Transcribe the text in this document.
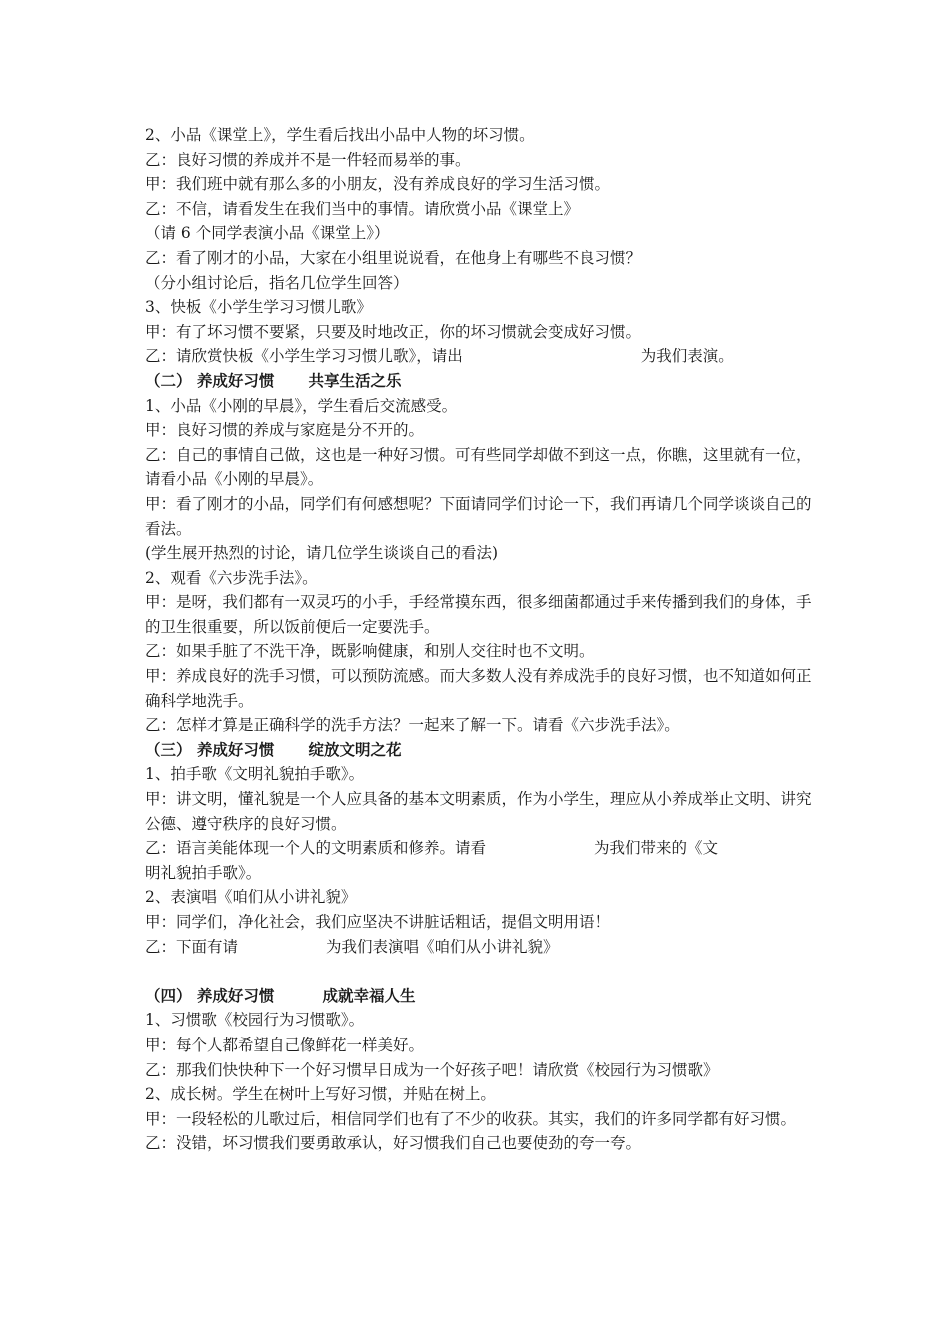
2、小品《课堂上》，学生看后找出小品中人物的坏习惯。
乙：良好习惯的养成并不是一件轻而易举的事。
甲：我们班中就有那么多的小朋友，没有养成良好的学习生活习惯。
乙：不信，请看发生在我们当中的事情。请欣赏小品《课堂上》
（请 6 个同学表演小品《课堂上》）
乙：看了刚才的小品，大家在小组里说说看，在他身上有哪些不良习惯？
（分小组讨论后，指名几位学生回答）
3、快板《小学生学习习惯儿歌》
甲：有了坏习惯不要紧，只要及时地改正，你的坏习惯就会变成好习惯。
乙：请欣赏快板《小学生学习习惯儿歌》，请出	为我们表演。
（二） 养成好习惯 共享生活之乐
1、小品《小刚的早晨》，学生看后交流感受。
甲：良好习惯的养成与家庭是分不开的。
乙：自己的事情自己做，这也是一种好习惯。可有些同学却做不到这一点，你瞧，这里就有一位，请看小品《小刚的早晨》。
甲：看了刚才的小品，同学们有何感想呢？下面请同学们讨论一下，我们再请几个同学谈谈自己的看法。
(学生展开热烈的讨论，请几位学生谈谈自己的看法)
2、观看《六步洗手法》。
甲：是呀，我们都有一双灵巧的小手，手经常摸东西，很多细菌都通过手来传播到我们的身体，手的卫生很重要，所以饭前便后一定要洗手。
乙：如果手脏了不洗干净，既影响健康，和别人交往时也不文明。
甲：养成良好的洗手习惯，可以预防流感。而大多数人没有养成洗手的良好习惯，也不知道如何正确科学地洗手。
乙：怎样才算是正确科学的洗手方法？一起来了解一下。请看《六步洗手法》。
（三） 养成好习惯 绽放文明之花
1、拍手歌《文明礼貌拍手歌》。
甲：讲文明，懂礼貌是一个人应具备的基本文明素质，作为小学生，理应从小养成举止文明、讲究公德、遵守秩序的良好习惯。
乙：语言美能体现一个人的文明素质和修养。请看	为我们带来的《文
明礼貌拍手歌》。
2、表演唱《咱们从小讲礼貌》
甲：同学们，净化社会，我们应坚决不讲脏话粗话，提倡文明用语！
乙：下面有请	为我们表演唱《咱们从小讲礼貌》
（四） 养成好习惯	成就幸福人生
1、习惯歌《校园行为习惯歌》。
甲：每个人都希望自己像鲜花一样美好。
乙：那我们快快种下一个好习惯早日成为一个好孩子吧！请欣赏《校园行为习惯歌》
2、成长树。学生在树叶上写好习惯，并贴在树上。
甲：一段轻松的儿歌过后，相信同学们也有了不少的收获。其实，我们的许多同学都有好习惯。
乙：没错，坏习惯我们要勇敢承认，好习惯我们自己也要使劲的夸一夸。
